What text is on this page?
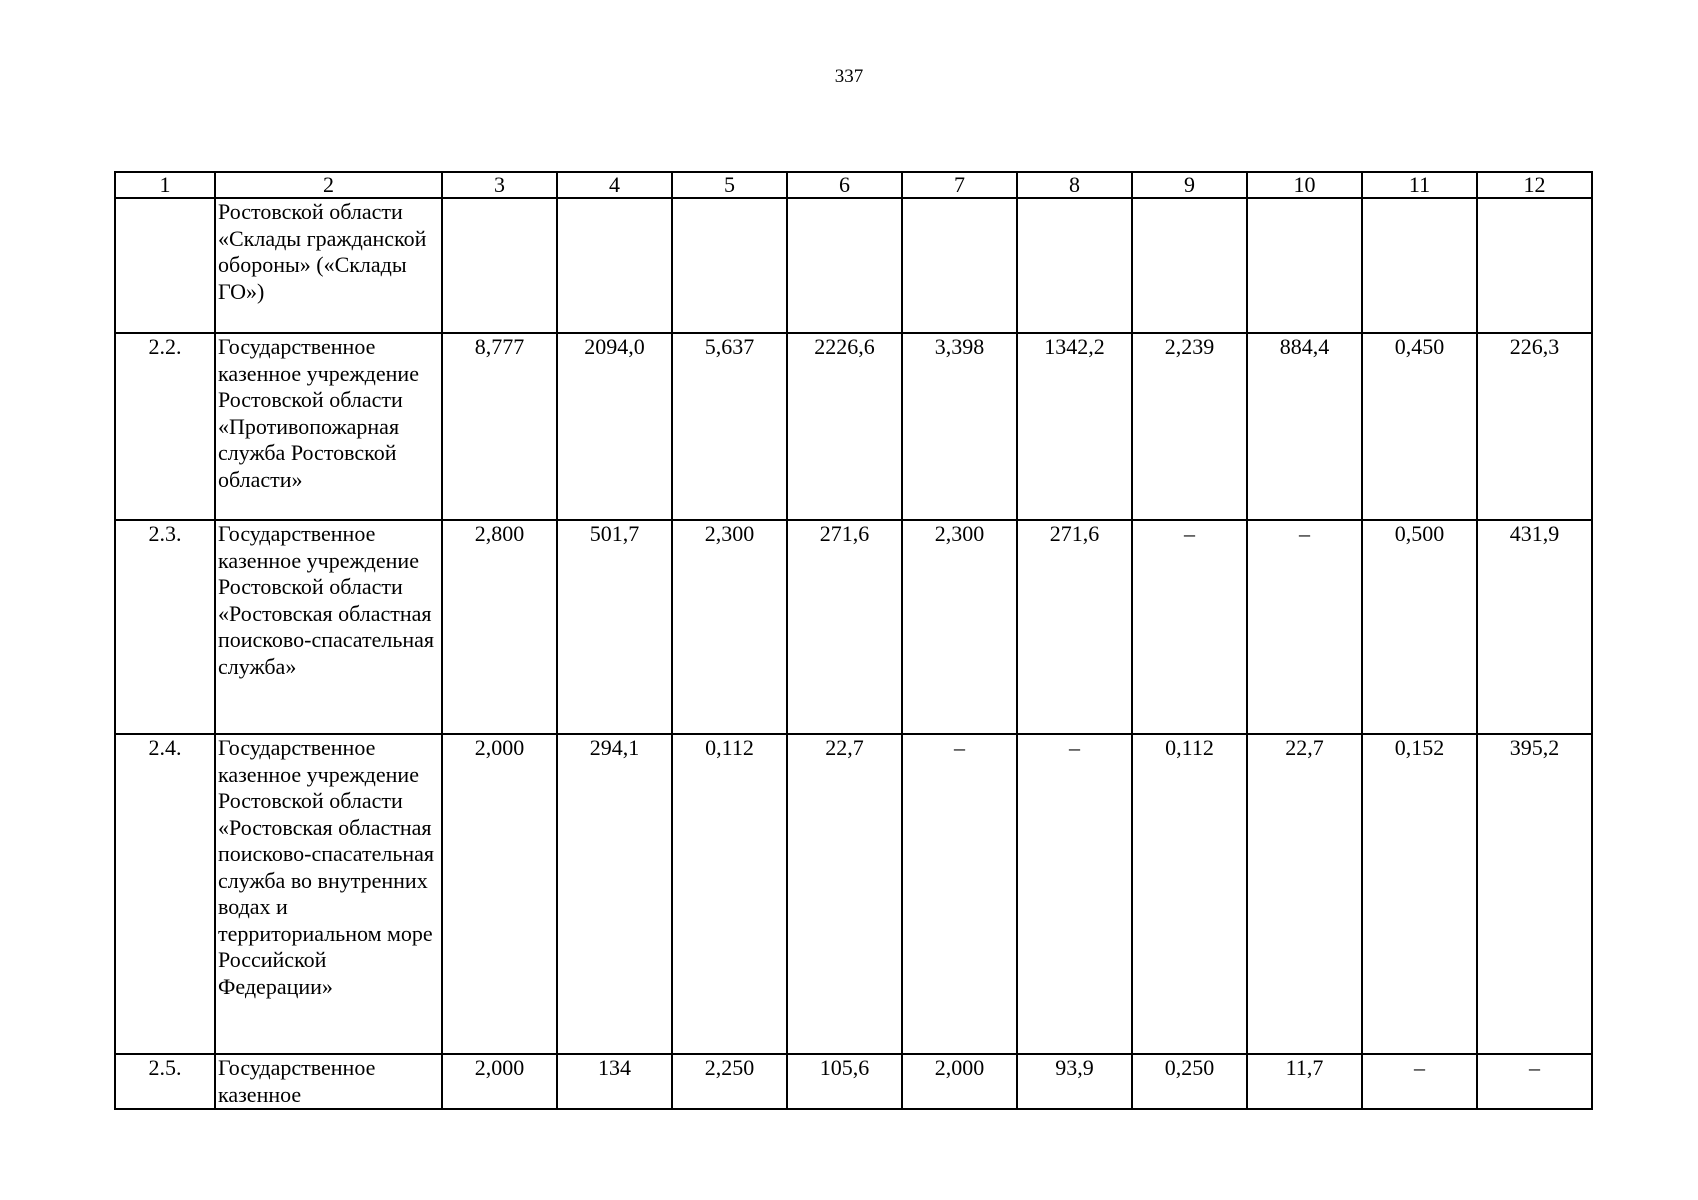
337
1	2	3	4	5	6	7	8	9	10	11	12
	Ростовской области «Склады гражданской обороны» («Склады ГО»)										
2.2.	Государственное казенное учреждение Ростовской области «Противопожарная служба Ростовской области»	8,777	2094,0	5,637	2226,6	3,398	1342,2	2,239	884,4	0,450	226,3
2.3.	Государственное казенное учреждение Ростовской области «Ростовская областная поисково-спасательная служба»	2,800	501,7	2,300	271,6	2,300	271,6	–	–	0,500	431,9
2.4.	Государственное казенное учреждение Ростовской области «Ростовская областная поисково-спасательная служба во внутренних водах и территориальном море Российской Федерации»	2,000	294,1	0,112	22,7	–	–	0,112	22,7	0,152	395,2
2.5.	Государственное казенное	2,000	134	2,250	105,6	2,000	93,9	0,250	11,7	–	–
